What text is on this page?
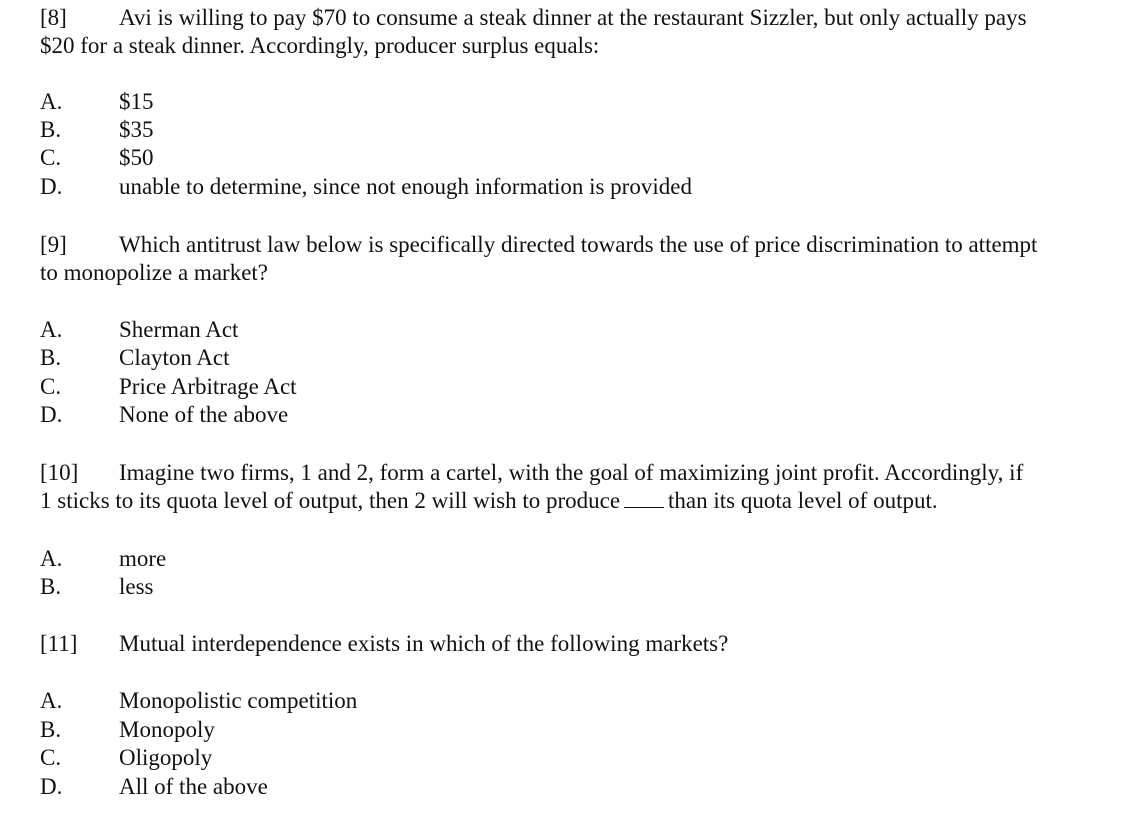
[8] Avi is willing to pay $70 to consume a steak dinner at the restaurant Sizzler, but only actually pays
$20 for a steak dinner. Accordingly, producer surplus equals:
A. $15
B.	$35
C.	$50
D. unable to determine, since not enough information is provided
[9] Which antitrust law below is specifically directed towards the use of price discrimination to attempt
to monopolize a market?
A. Sherman Act
B.	Clayton Act
C.	Price Arbitrage Act
D. None of the above
[10] Imagine two firms, 1 and 2, form a cartel, with the goal of maximizing joint profit. Accordingly, if
1 sticks to its quota level of output, then 2 will wish to produce than its quota level of output.
A. more
B.	less
[11] Mutual interdependence exists in which of the following markets?
A. Monopolistic competition
B.	Monopoly
C.	Oligopoly
D. All of the above
